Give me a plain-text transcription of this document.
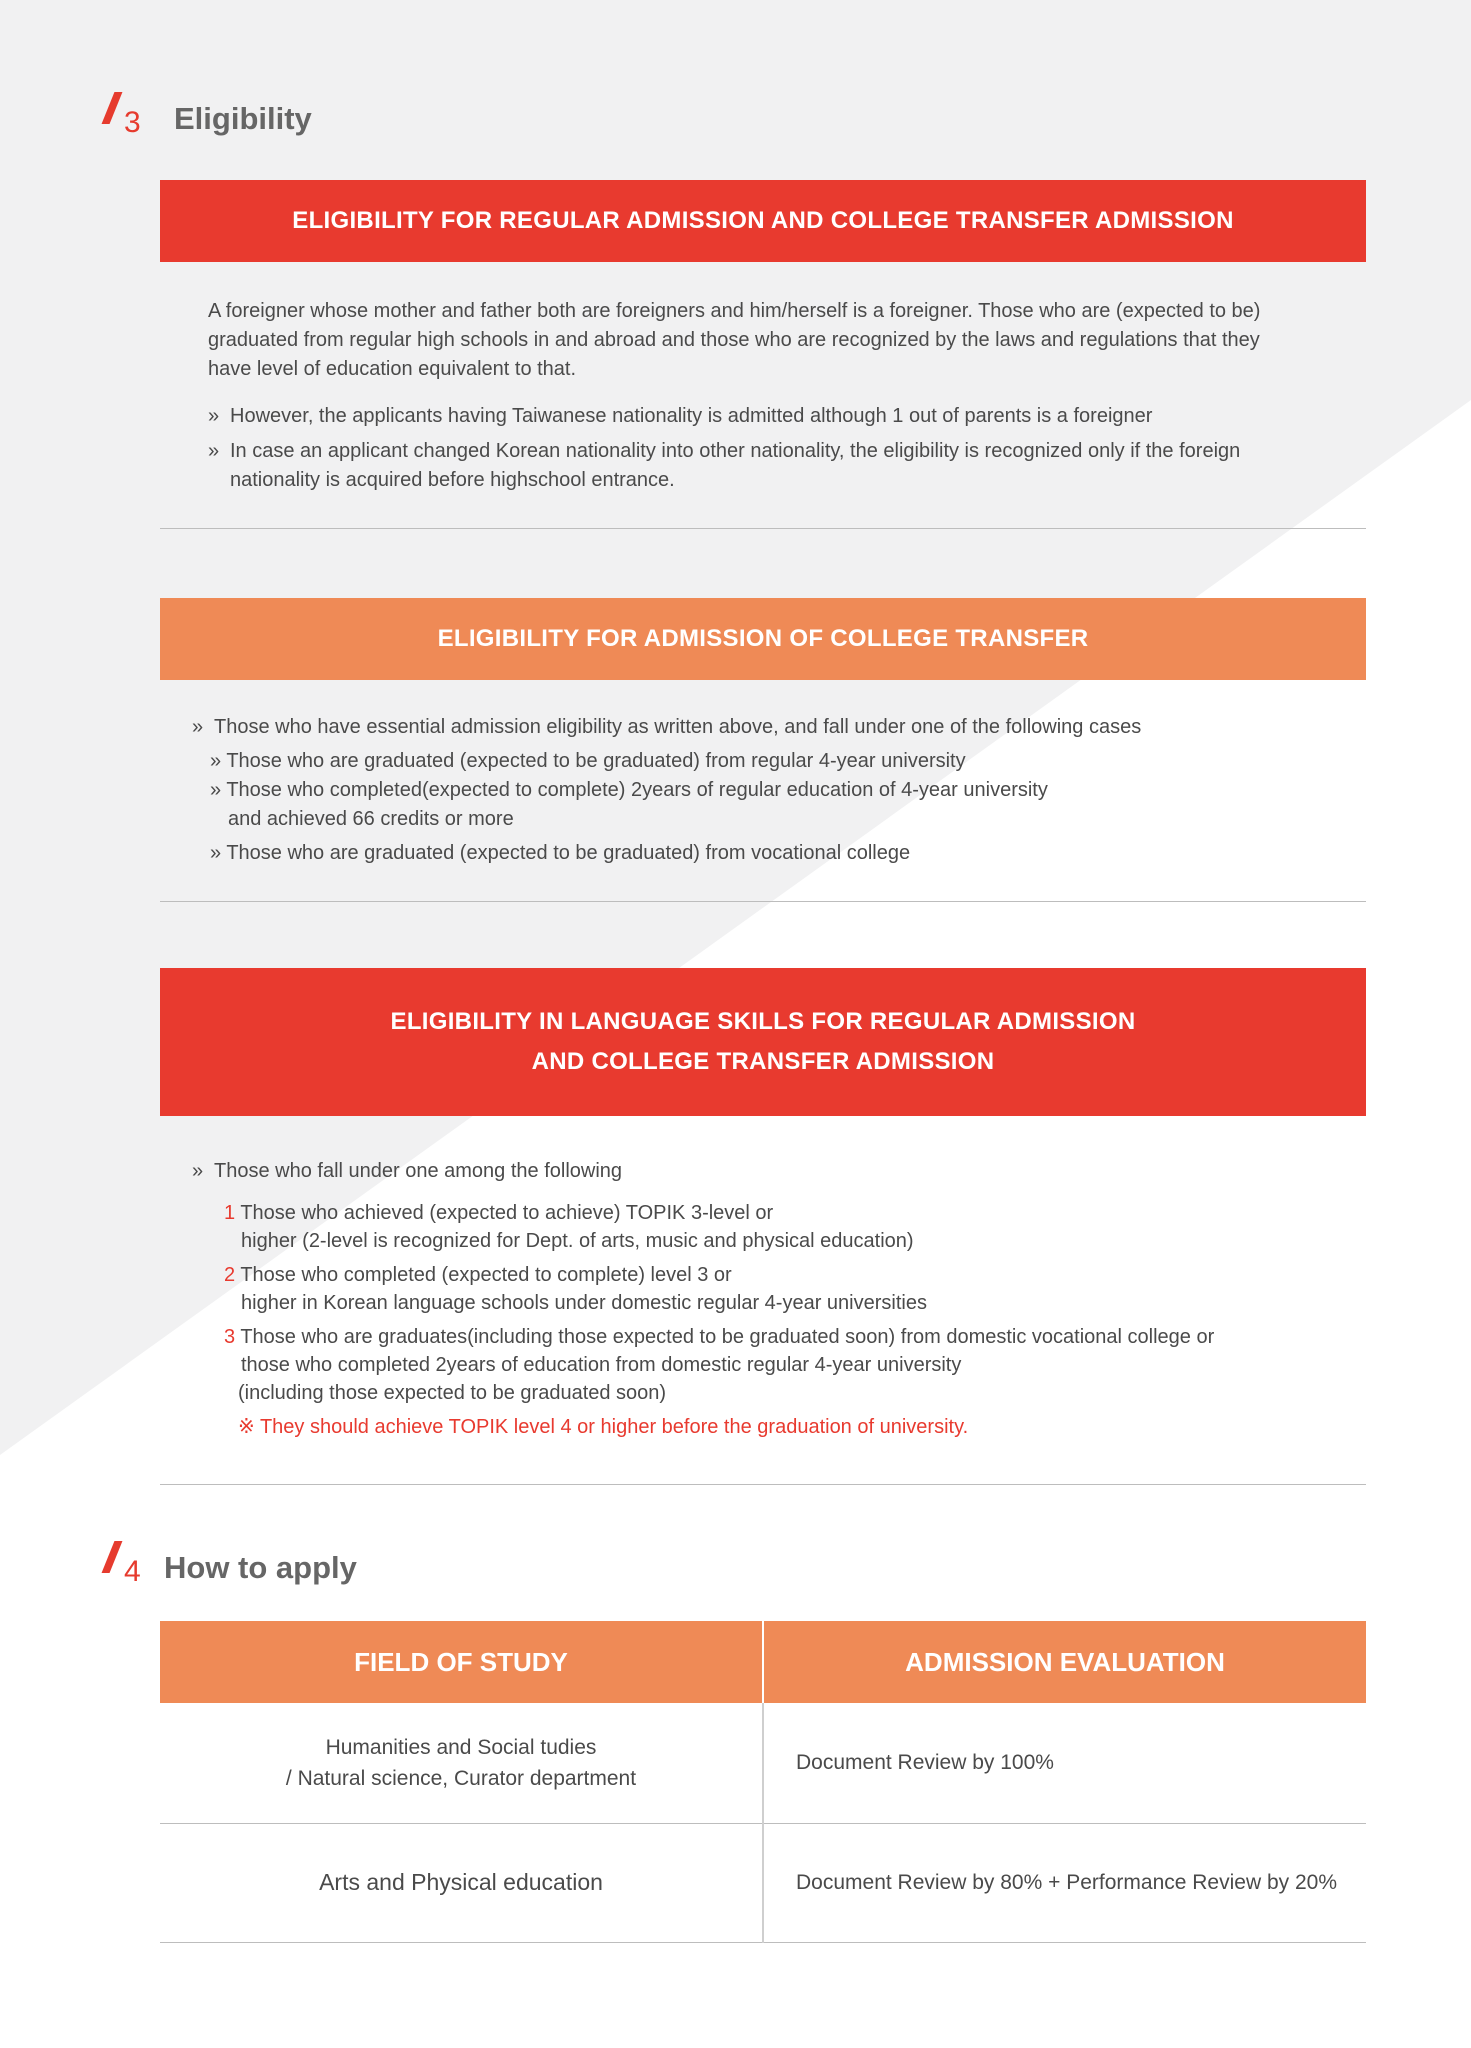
3 Eligibility
ELIGIBILITY FOR REGULAR ADMISSION AND COLLEGE TRANSFER ADMISSION
A foreigner whose mother and father both are foreigners and him/herself is a foreigner. Those who are (expected to be)
graduated from regular high schools in and abroad and those who are recognized by the laws and regulations that they
have level of education equivalent to that.
» However, the applicants having Taiwanese nationality is admitted although 1 out of parents is a foreigner
» In case an applicant changed Korean nationality into other nationality, the eligibility is recognized only if the foreign
nationality is acquired before highschool entrance.
ELIGIBILITY FOR ADMISSION OF COLLEGE TRANSFER
» Those who have essential admission eligibility as written above, and fall under one of the following cases
» Those who are graduated (expected to be graduated) from regular 4-year university
» Those who completed(expected to complete) 2years of regular education of 4-year university
and achieved 66 credits or more
» Those who are graduated (expected to be graduated) from vocational college
ELIGIBILITY IN LANGUAGE SKILLS FOR REGULAR ADMISSION
AND COLLEGE TRANSFER ADMISSION
» Those who fall under one among the following
1 Those who achieved (expected to achieve) TOPIK 3-level or
higher (2-level is recognized for Dept. of arts, music and physical education)
2 Those who completed (expected to complete) level 3 or
higher in Korean language schools under domestic regular 4-year universities
3 Those who are graduates(including those expected to be graduated soon) from domestic vocational college or
those who completed 2years of education from domestic regular 4-year university
(including those expected to be graduated soon)
※ They should achieve TOPIK level 4 or higher before the graduation of university.
4 How to apply
FIELD OF STUDY	ADMISSION EVALUATION

Humanities and Social tudies
/ Natural science, Curator department	Document Review by 100%
Arts and Physical education	Document Review by 80% + Performance Review by 20%
